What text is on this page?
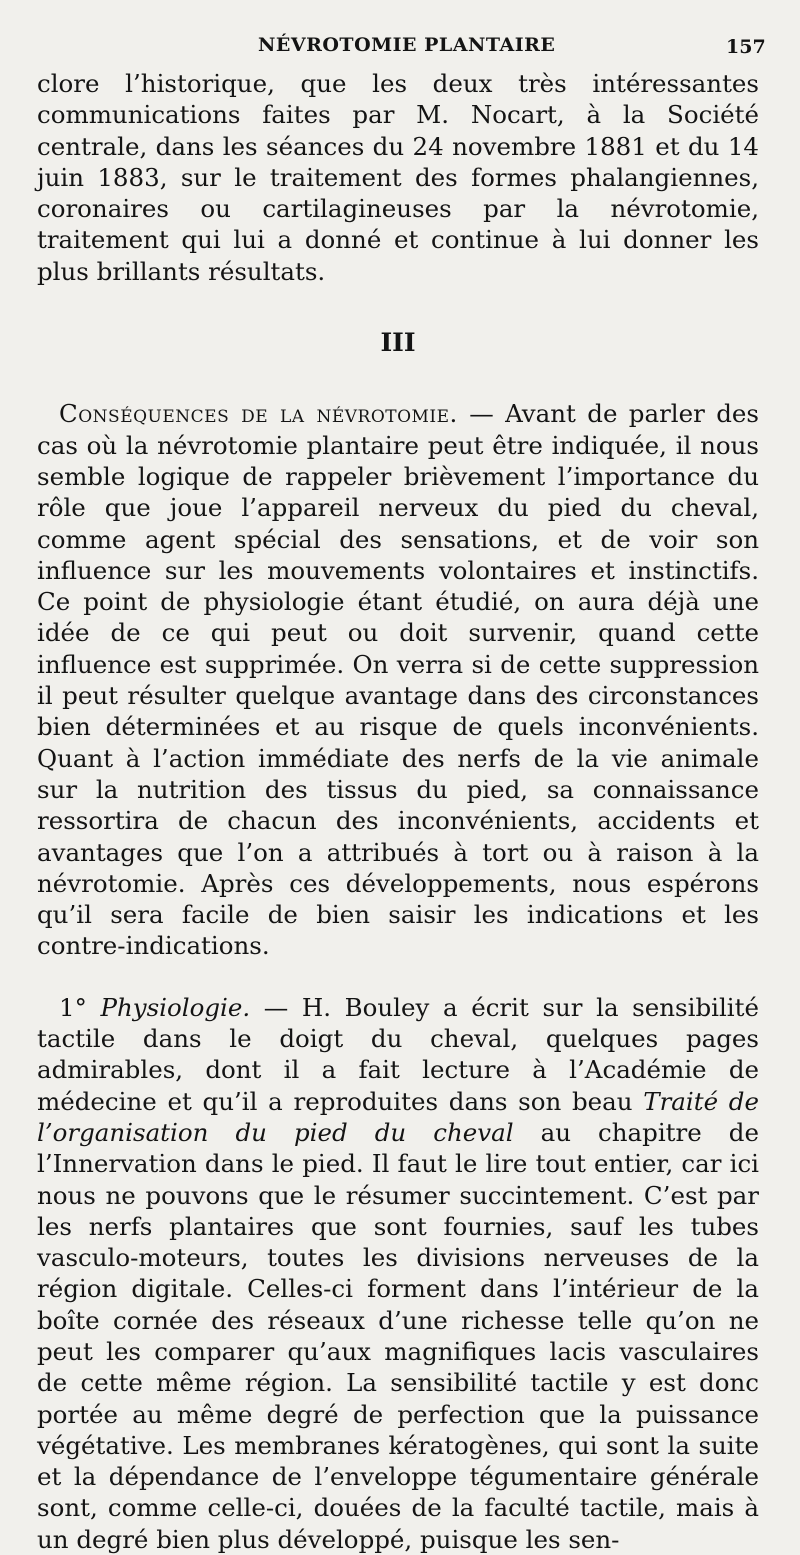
NÉVROTOMIE PLANTAIRE	157

clore l’historique, que les deux très intéressantes communications faites par M. Nocart, à la Société centrale, dans les séances du 24 novembre 1881 et du 14 juin 1883, sur le traitement des formes phalangiennes, coronaires ou cartilagineuses par la névrotomie, traitement qui lui a donné et continue à lui donner les plus brillants résultats.

III

Conséquences de la névrotomie. — Avant de parler des cas où la névrotomie plantaire peut être indiquée, il nous semble logique de rappeler brièvement l’importance du rôle que joue l’appareil nerveux du pied du cheval, comme agent spécial des sensations, et de voir son influence sur les mouvements volontaires et instinctifs. Ce point de physiologie étant étudié, on aura déjà une idée de ce qui peut ou doit survenir, quand cette influence est supprimée. On verra si de cette suppression il peut résulter quelque avantage dans des circonstances bien déterminées et au risque de quels inconvénients. Quant à l’action immédiate des nerfs de la vie animale sur la nutrition des tissus du pied, sa connaissance ressortira de chacun des inconvénients, accidents et avantages que l’on a attribués à tort ou à raison à la névrotomie. Après ces développements, nous espérons qu’il sera facile de bien saisir les indications et les contre-indications.

1° Physiologie. — H. Bouley a écrit sur la sensibilité tactile dans le doigt du cheval, quelques pages admirables, dont il a fait lecture à l’Académie de médecine et qu’il a reproduites dans son beau Traité de l’organisation du pied du cheval au chapitre de l’Innervation dans le pied. Il faut le lire tout entier, car ici nous ne pouvons que le résumer succintement. C’est par les nerfs plantaires que sont fournies, sauf les tubes vasculo-moteurs, toutes les divisions nerveuses de la région digitale. Celles-ci forment dans l’intérieur de la boîte cornée des réseaux d’une richesse telle qu’on ne peut les comparer qu’aux magnifiques lacis vasculaires de cette même région. La sensibilité tactile y est donc portée au même degré de perfection que la puissance végétative. Les membranes kératogènes, qui sont la suite et la dépendance de l’enveloppe tégumentaire générale sont, comme celle-ci, douées de la faculté tactile, mais à un degré bien plus développé, puisque les sen-
